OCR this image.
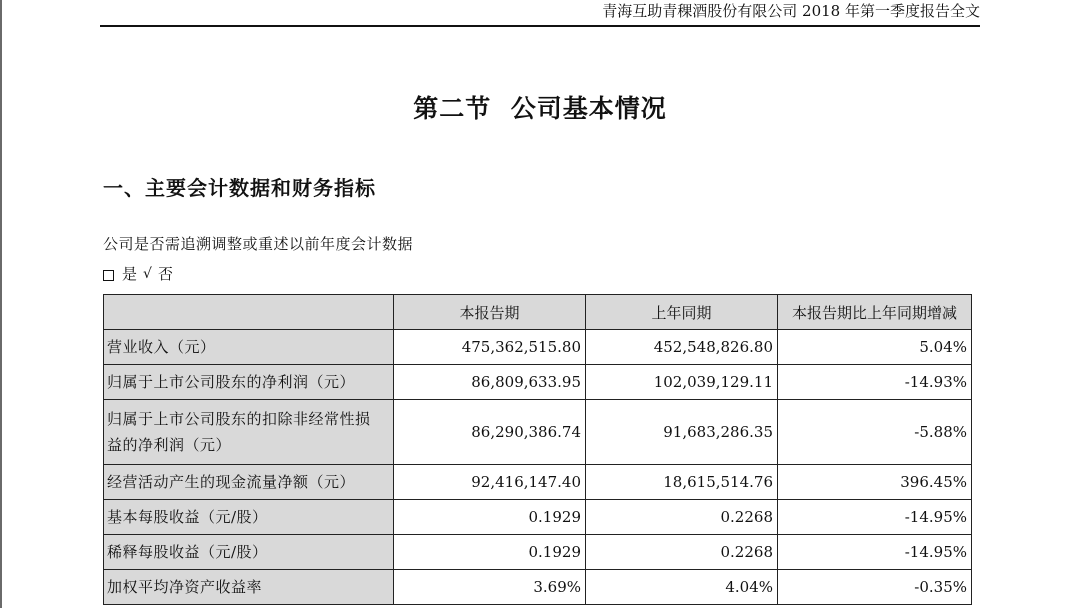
青海互助青稞酒股份有限公司 2018 年第一季度报告全文
第二节  公司基本情况
一、主要会计数据和财务指标
公司是否需追溯调整或重述以前年度会计数据
是 √ 否
	本报告期	上年同期	本报告期比上年同期增减
营业收入（元）	475,362,515.80	452,548,826.80	5.04%
归属于上市公司股东的净利润（元）	86,809,633.95	102,039,129.11	-14.93%

归属于上市公司股东的扣除非经常性损
益的净利润（元）	86,290,386.74	91,683,286.35	-5.88%
经营活动产生的现金流量净额（元）	92,416,147.40	18,615,514.76	396.45%
基本每股收益（元/股）	0.1929	0.2268	-14.95%
稀释每股收益（元/股）	0.1929	0.2268	-14.95%
加权平均净资产收益率	3.69%	4.04%	-0.35%
